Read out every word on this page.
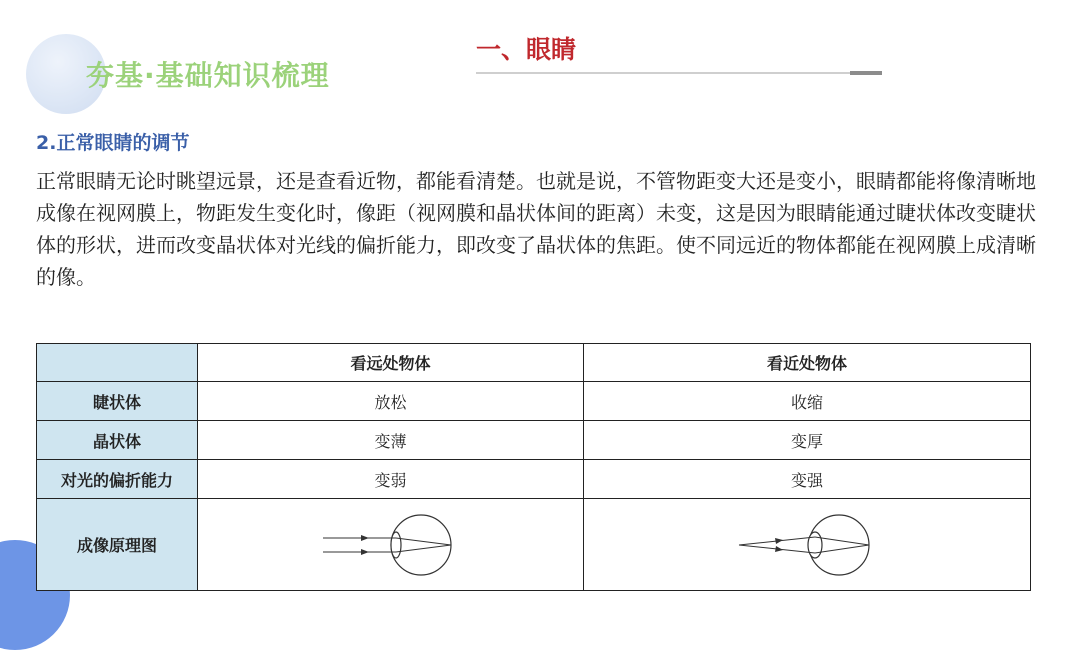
夯基·基础知识梳理
一、眼睛
2.正常眼睛的调节

正常眼睛无论时眺望远景，还是查看近物，都能看清楚。也就是说，不管物距变大还是变小，眼睛都能将像清晰地成像在视网膜上，物距发生变化时，像距（视网膜和晶状体间的距离）未变，这是因为眼睛能通过睫状体改变睫状体的形状，进而改变晶状体对光线的偏折能力，即改变了晶状体的焦距。使不同远近的物体都能在视网膜上成清晰的像。

	看远处物体	看近处物体
睫状体	放松	收缩
晶状体	变薄	变厚
对光的偏折能力	变弱	变强
成像原理图	
